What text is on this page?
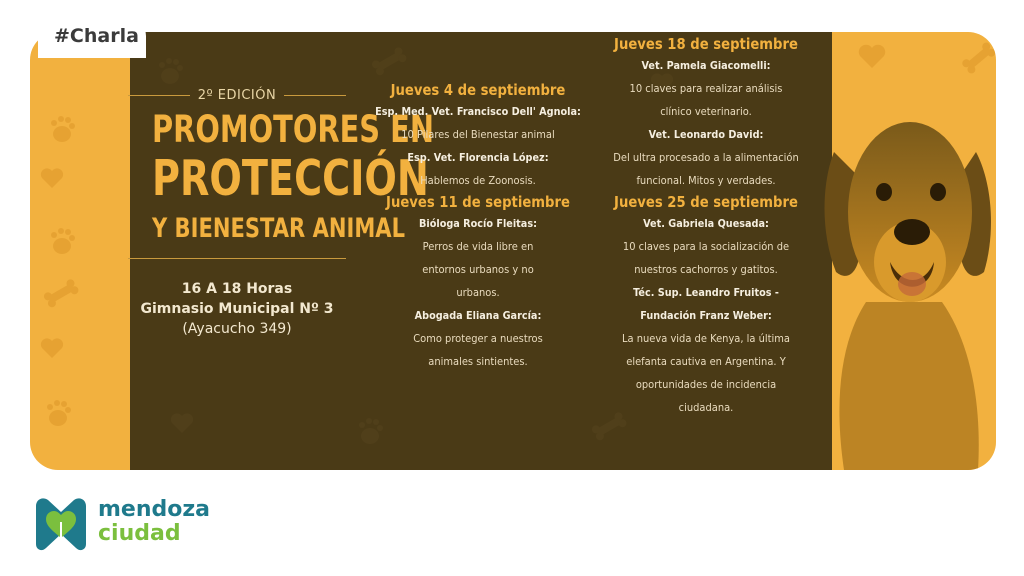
#Charla
2º EDICIÓN
PROMOTORES EN
PROTECCIÓN
Y BIENESTAR ANIMAL
16 A 18 Horas
Gimnasio Municipal Nº 3
(Ayacucho 349)
Jueves 4 de septiembre
Esp. Med. Vet. Francisco Dell' Agnola:
10 Pilares del Bienestar animal
Esp. Vet. Florencia López:
Hablemos de Zoonosis.
Jueves 11 de septiembre
Bióloga Rocío Fleitas:
Perros de vida libre en entornos urbanos y no urbanos.
Abogada Eliana García:
Como proteger a nuestros animales sintientes.
Jueves 18 de septiembre
Vet. Pamela Giacomelli:
10 claves para realizar análisis clínico veterinario.
Vet. Leonardo David:
Del ultra procesado a la alimentación funcional. Mitos y verdades.
Jueves 25 de septiembre
Vet. Gabriela Quesada:
10 claves para la socialización de nuestros cachorros y gatitos.
Téc. Sup. Leandro Fruitos -
Fundación Franz Weber:
La nueva vida de Kenya, la última elefanta cautiva en Argentina. Y oportunidades de incidencia ciudadana.
mendoza
ciudad
